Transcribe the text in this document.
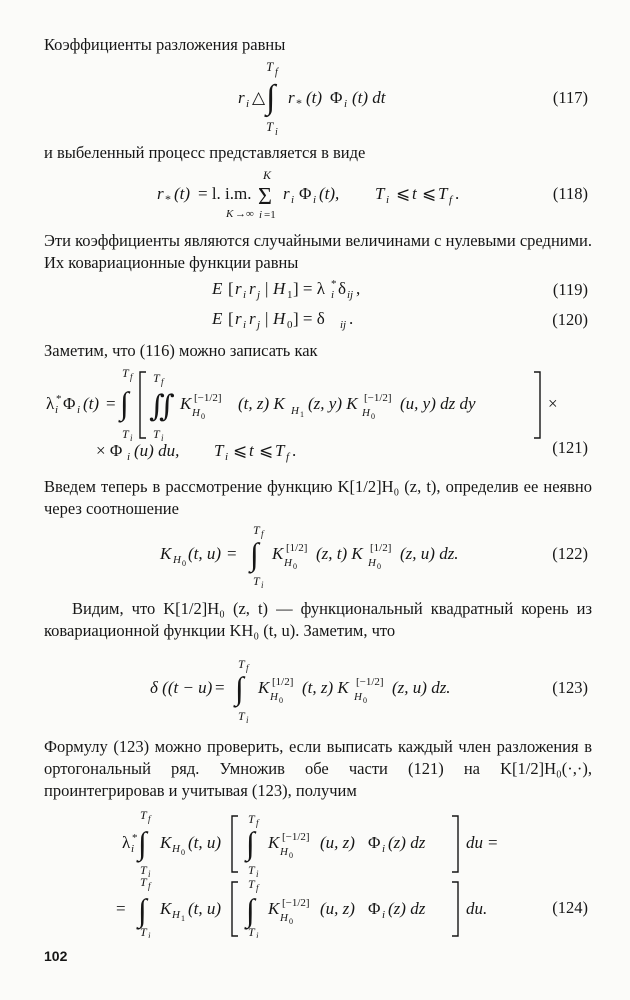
Коэффициенты разложения равны
T f
r i △ ∫ r * (t) Φ i (t) dt
T i
(117)
и выбеленный процесс представляется в виде
r * (t) = l. i.m.
K →∞
K
Σ
i =1
r i Φ i (t), T i ⩽ t ⩽ T f .	(118)
Эти коэффициенты являются случайными величинами с нулевыми средними. Их ковариационные функции равны
E [ r i r j | H 1 ] = λ i
* δ ij ,	(119)
E [ r i r j | H 0 ] = δ ij .	(120)
Заметим, что (116) можно записать как
λ i
* Φ i (t) =
T f
∫
T i
T f
∬
T i
K H 0
[−1/2] (t, z) K H 1
(z, y) K H 0
[−1/2] (u, y) dz dy	×
× Φ i (u) du, T i ⩽ t ⩽ T f .	(121)
Введем теперь в рассмотрение функцию K[1/2]H₀ (z, t), определив ее неявно через соотношение
T f
K H 0
(t, u) = ∫
T i
K H 0
[1/2] (z, t) K H 0
[1/2] (z, u) dz.	(122)
Видим, что K[1/2]H₀ (z, t) — функциональный квадратный корень из ковариационной функции KH₀ (t, u). Заметим, что
T f
δ ((t − u) = ∫
T i
K H 0
[1/2] (t, z) K H 0
[−1/2] (z, u) dz.	(123)
Формулу (123) можно проверить, если выписать каждый член разложения в ортогональный ряд. Умножив обе части (121) на K[1/2]H₀(·,·), проинтегрировав и учитывая (123), получим
λ i
*
T f
∫
T i
K H 0
(t, u)
T f
∫
T i
K H 0
[−1/2] (u, z) Φ i (z) dz du =
T f
= ∫
T i
K H 1
(t, u)
T f
∫
T i
K H 0
[−1/2] (u, z) Φ i (z) dz du.	(124)
102
